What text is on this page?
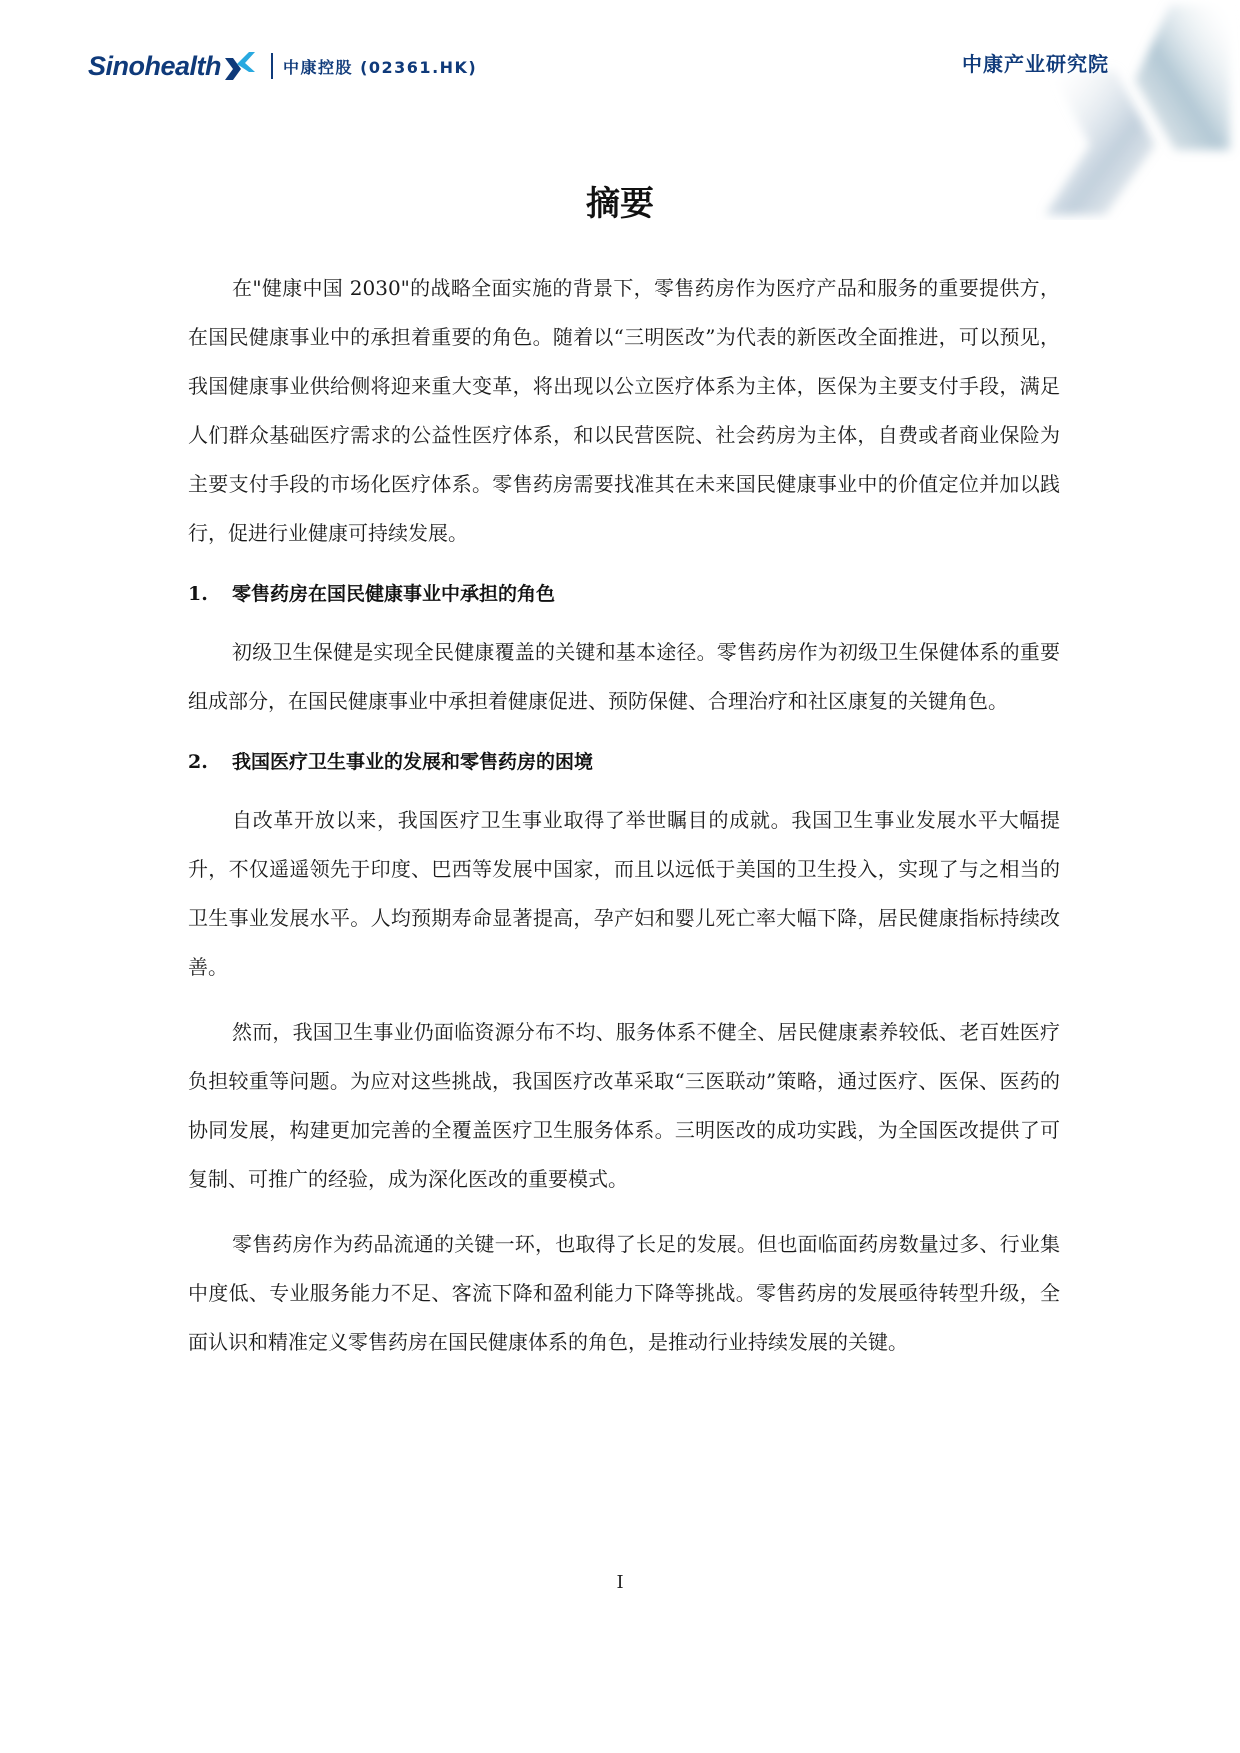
Sinohealth	中康控股 (02361.HK)	中康产业研究院
摘要

在"健康中国 2030"的战略全面实施的背景下，零售药房作为医疗产品和服务的重要提供方，在国民健康事业中的承担着重要的角色。随着以“三明医改”为代表的新医改全面推进，可以预见，我国健康事业供给侧将迎来重大变革，将出现以公立医疗体系为主体，医保为主要支付手段，满足人们群众基础医疗需求的公益性医疗体系，和以民营医院、社会药房为主体，自费或者商业保险为主要支付手段的市场化医疗体系。零售药房需要找准其在未来国民健康事业中的价值定位并加以践行，促进行业健康可持续发展。

1.	零售药房在国民健康事业中承担的角色

初级卫生保健是实现全民健康覆盖的关键和基本途径。零售药房作为初级卫生保健体系的重要组成部分，在国民健康事业中承担着健康促进、预防保健、合理治疗和社区康复的关键角色。

2.	我国医疗卫生事业的发展和零售药房的困境

自改革开放以来，我国医疗卫生事业取得了举世瞩目的成就。我国卫生事业发展水平大幅提升，不仅遥遥领先于印度、巴西等发展中国家，而且以远低于美国的卫生投入，实现了与之相当的卫生事业发展水平。人均预期寿命显著提高，孕产妇和婴儿死亡率大幅下降，居民健康指标持续改善。

然而，我国卫生事业仍面临资源分布不均、服务体系不健全、居民健康素养较低、老百姓医疗负担较重等问题。为应对这些挑战，我国医疗改革采取“三医联动”策略，通过医疗、医保、医药的协同发展，构建更加完善的全覆盖医疗卫生服务体系。三明医改的成功实践，为全国医改提供了可复制、可推广的经验，成为深化医改的重要模式。

零售药房作为药品流通的关键一环，也取得了长足的发展。但也面临面药房数量过多、行业集中度低、专业服务能力不足、客流下降和盈利能力下降等挑战。零售药房的发展亟待转型升级，全面认识和精准定义零售药房在国民健康体系的角色，是推动行业持续发展的关键。

I
